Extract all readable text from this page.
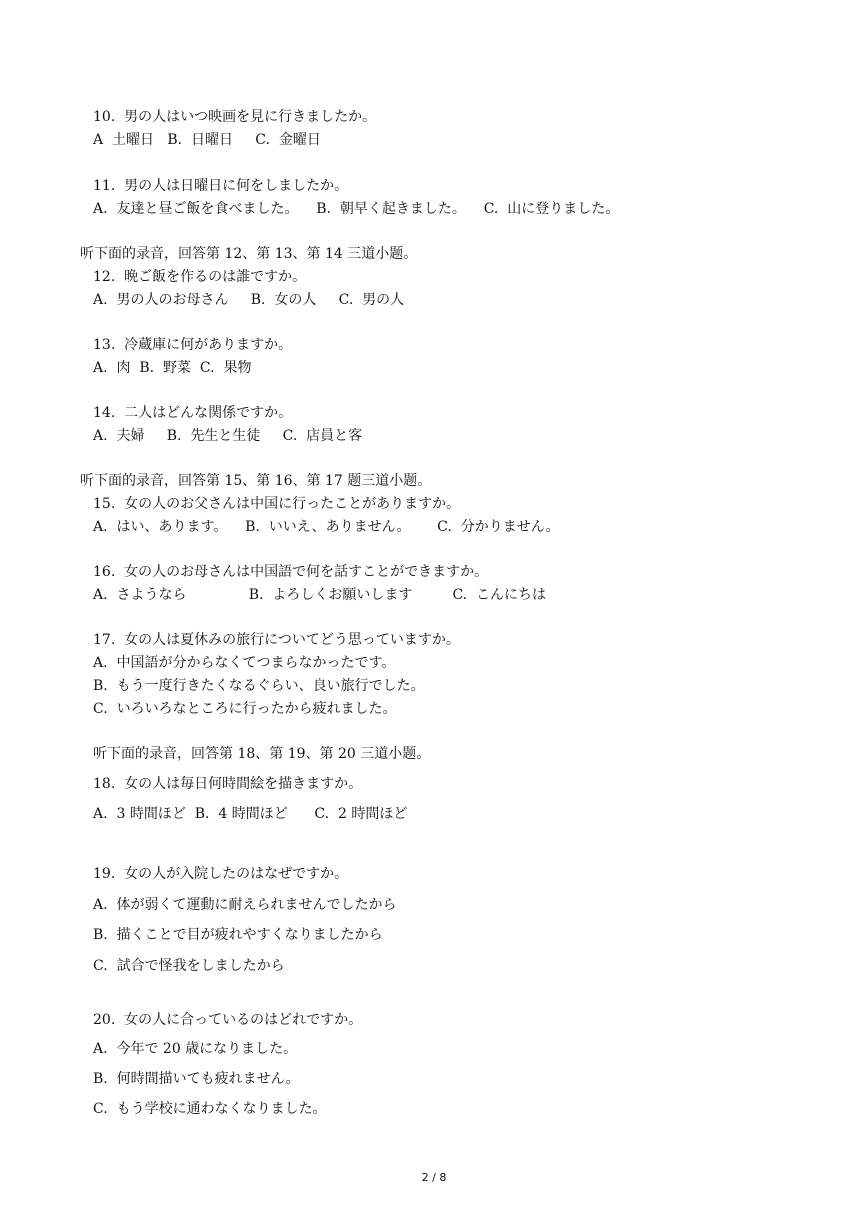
10.  男の人はいつ映画を見に行きましたか。
A  土曜日   B.  日曜日     C.  金曜日
11.  男の人は日曜日に何をしましたか。
A.  友達と昼ご飯を食べました。    B.  朝早く起きました。    C.  山に登りました。
听下面的录音，回答第 12、第 13、第 14 三道小题。
12.  晩ご飯を作るのは誰ですか。
A.  男の人のお母さん     B.  女の人     C.  男の人
13.  冷蔵庫に何がありますか。
A.  肉  B.  野菜  C.  果物
14.  二人はどんな関係ですか。
A.  夫婦     B.  先生と生徒     C.  店員と客
听下面的录音，回答第 15、第 16、第 17 题三道小题。
15.  女の人のお父さんは中国に行ったことがありますか。
A.  はい、あります。    B.  いいえ、ありません。      C.  分かりません。
16.  女の人のお母さんは中国語で何を話すことができますか。
A.  さようなら              B.  よろしくお願いします         C.  こんにちは
17.  女の人は夏休みの旅行についてどう思っていますか。
A.  中国語が分からなくてつまらなかったです。
B.  もう一度行きたくなるぐらい、良い旅行でした。
C.  いろいろなところに行ったから疲れました。
听下面的录音，回答第 18、第 19、第 20 三道小题。
18.  女の人は毎日何時間絵を描きますか。
A.  3 時間ほど  B.  4 時間ほど      C.  2 時間ほど
19.  女の人が入院したのはなぜですか。
A.  体が弱くて運動に耐えられませんでしたから
B.  描くことで目が疲れやすくなりましたから
C.  試合で怪我をしましたから
20.  女の人に合っているのはどれですか。
A.  今年で 20 歳になりました。
B.  何時間描いても疲れません。
C.  もう学校に通わなくなりました。
2 / 8
